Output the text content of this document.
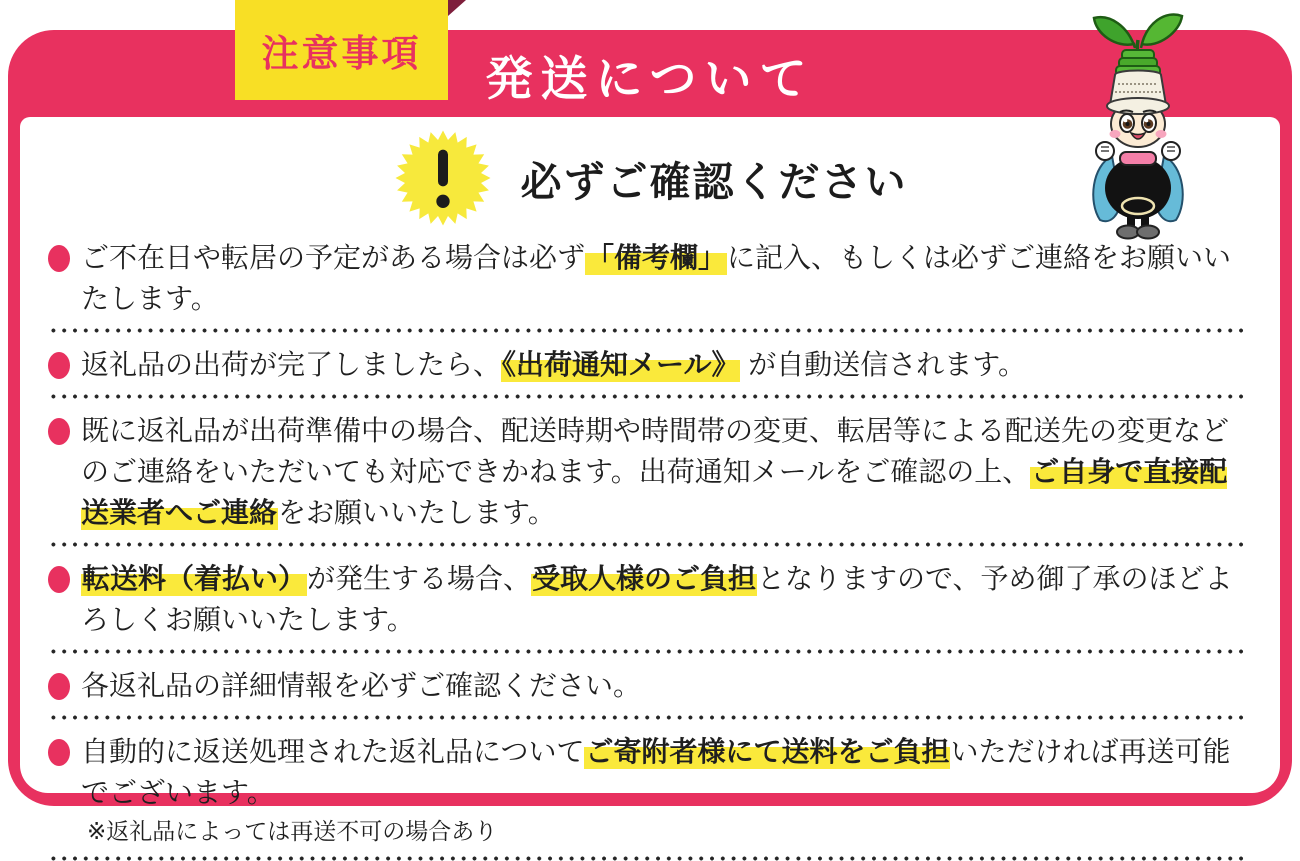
必ずご確認ください
ご不在日や転居の予定がある場合は必ず「備考欄」に記入、もしくは必ずご連絡をお願いいたします。
返礼品の出荷が完了しましたら、《出荷通知メール》 が自動送信されます。
既に返礼品が出荷準備中の場合、配送時期や時間帯の変更、転居等による配送先の変更などのご連絡をいただいても対応できかねます。出荷通知メールをご確認の上、ご自身で直接配送業者へご連絡をお願いいたします。
転送料（着払い）が発生する場合、受取人様のご負担となりますので、予め御了承のほどよろしくお願いいたします。
各返礼品の詳細情報を必ずご確認ください。
自動的に返送処理された返礼品についてご寄附者様にて送料をご負担いただければ再送可能でございます。
※返礼品によっては再送不可の場合あり
注意事項	発送について
